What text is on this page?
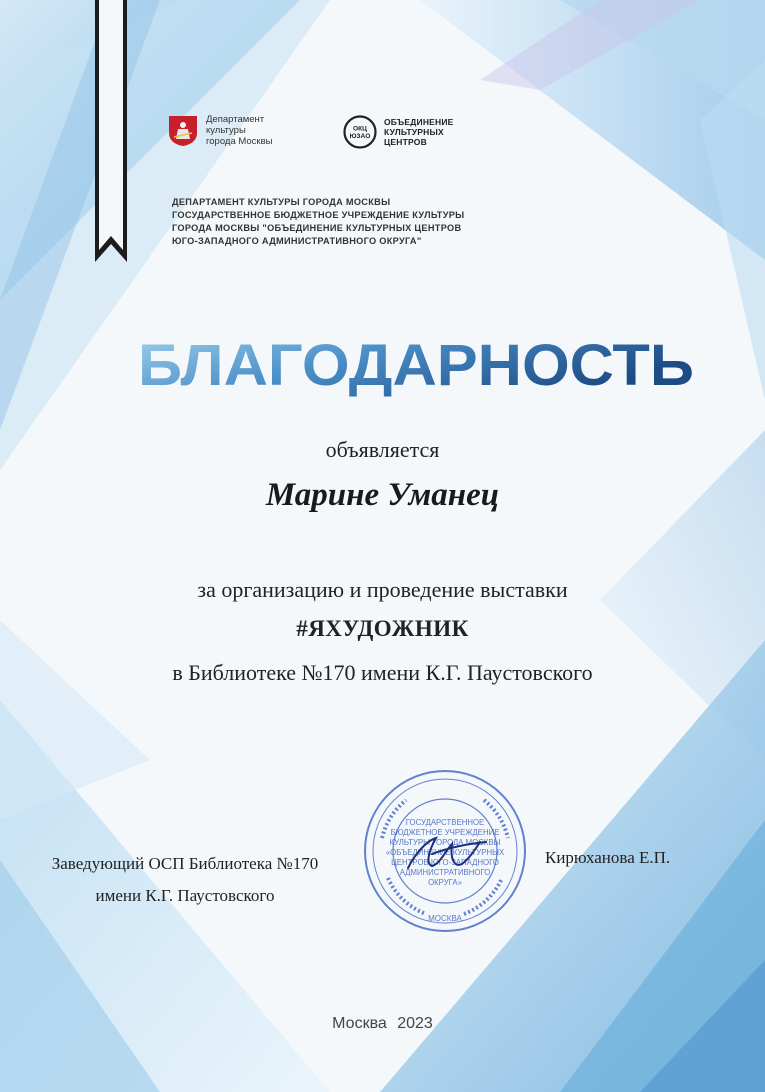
Департамент
культуры
города Москвы
ОКЦ
ЮЗАО
ОБЪЕДИНЕНИЕ
КУЛЬТУРНЫХ
ЦЕНТРОВ
ДЕПАРТАМЕНТ КУЛЬТУРЫ ГОРОДА МОСКВЫ
ГОСУДАРСТВЕННОЕ БЮДЖЕТНОЕ УЧРЕЖДЕНИЕ КУЛЬТУРЫ
ГОРОДА МОСКВЫ "ОБЪЕДИНЕНИЕ КУЛЬТУРНЫХ ЦЕНТРОВ
ЮГО-ЗАПАДНОГО АДМИНИСТРАТИВНОГО ОКРУГА"
БЛАГОДАРНОСТЬ
объявляется
Марине Уманец
за организацию и проведение выставки
#ЯХУДОЖНИК
в Библиотеке №170 имени К.Г. Паустовского
Заведующий ОСП Библиотека №170
имени К.Г. Паустовского
Кирюханова Е.П.
ГОСУДАРСТВЕННОЕ
БЮДЖЕТНОЕ УЧРЕЖДЕНИЕ
КУЛЬТУРЫ ГОРОДА МОСКВЫ
«ОБЪЕДИНЕНИЕ КУЛЬТУРНЫХ
ЦЕНТРОВ ЮГО-ЗАПАДНОГО
АДМИНИСТРАТИВНОГО
ОКРУГА»
МОСКВА
Москва 2023
